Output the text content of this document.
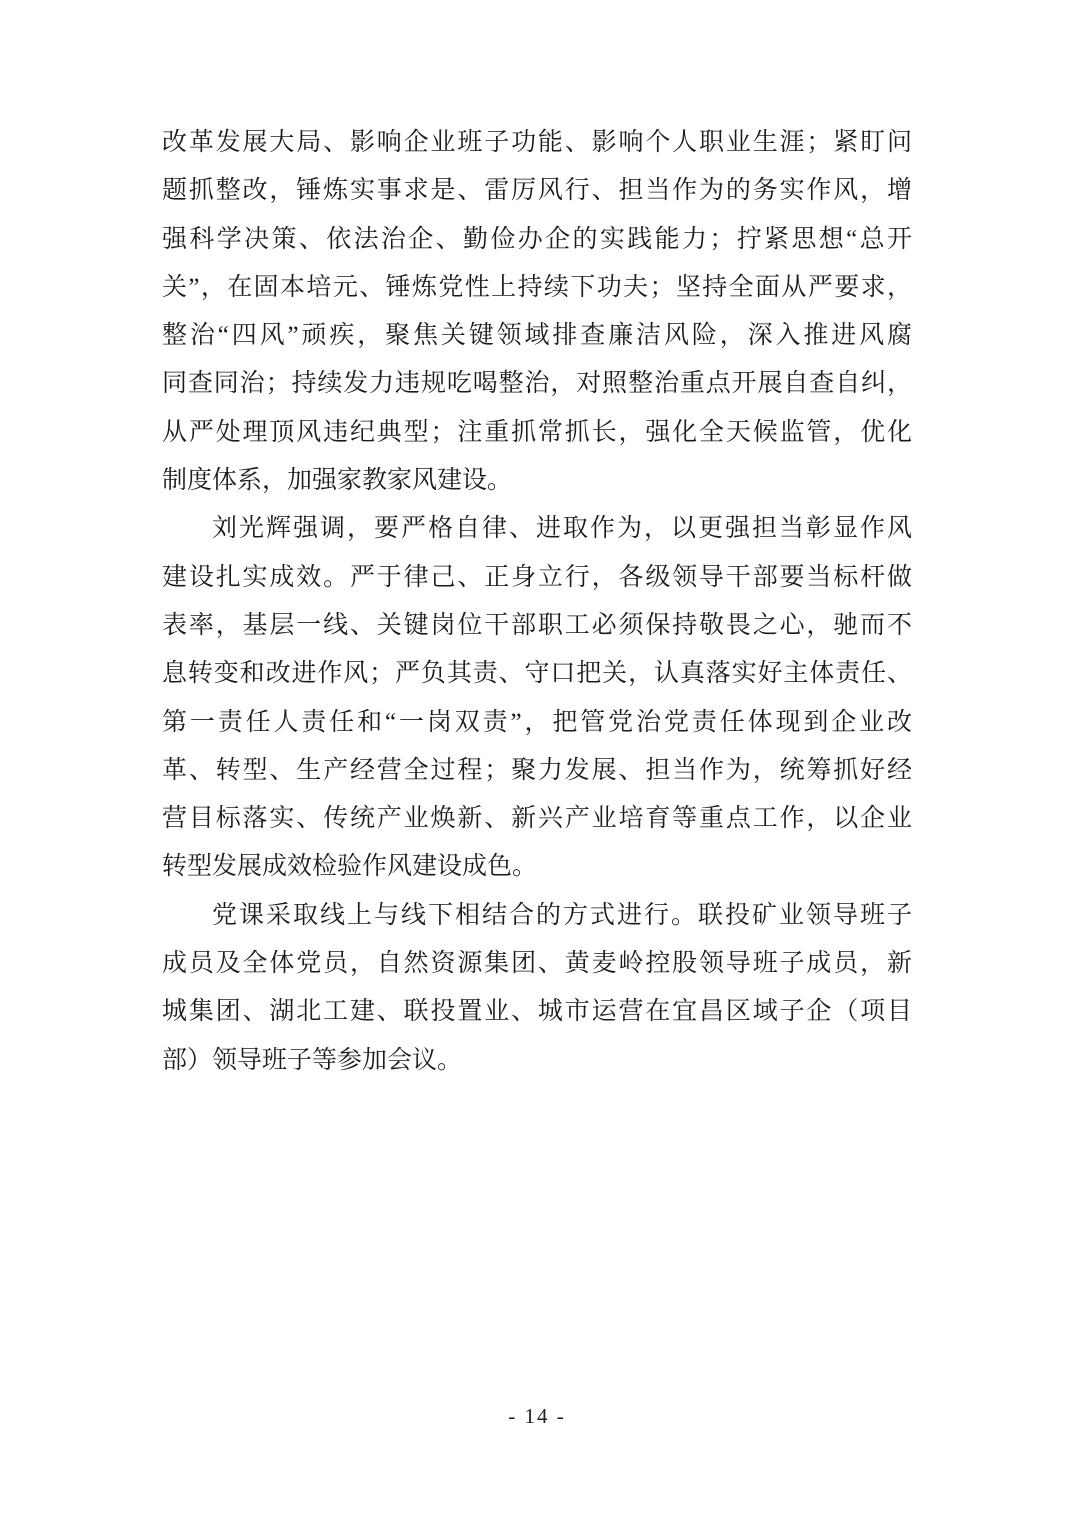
改革发展大局、影响企业班子功能、影响个人职业生涯；紧盯问
题抓整改，锤炼实事求是、雷厉风行、担当作为的务实作风，增
强科学决策、依法治企、勤俭办企的实践能力；拧紧思想“总开
关”，在固本培元、锤炼党性上持续下功夫；坚持全面从严要求，
整治“四风”顽疾，聚焦关键领域排查廉洁风险，深入推进风腐
同查同治；持续发力违规吃喝整治，对照整治重点开展自查自纠，
从严处理顶风违纪典型；注重抓常抓长，强化全天候监管，优化
制度体系，加强家教家风建设。
刘光辉强调，要严格自律、进取作为，以更强担当彰显作风
建设扎实成效。严于律己、正身立行，各级领导干部要当标杆做
表率，基层一线、关键岗位干部职工必须保持敬畏之心，驰而不
息转变和改进作风；严负其责、守口把关，认真落实好主体责任、
第一责任人责任和“一岗双责”，把管党治党责任体现到企业改
革、转型、生产经营全过程；聚力发展、担当作为，统筹抓好经
营目标落实、传统产业焕新、新兴产业培育等重点工作，以企业
转型发展成效检验作风建设成色。
党课采取线上与线下相结合的方式进行。联投矿业领导班子
成员及全体党员，自然资源集团、黄麦岭控股领导班子成员，新
城集团、湖北工建、联投置业、城市运营在宜昌区域子企（项目
部）领导班子等参加会议。
- 14 -
